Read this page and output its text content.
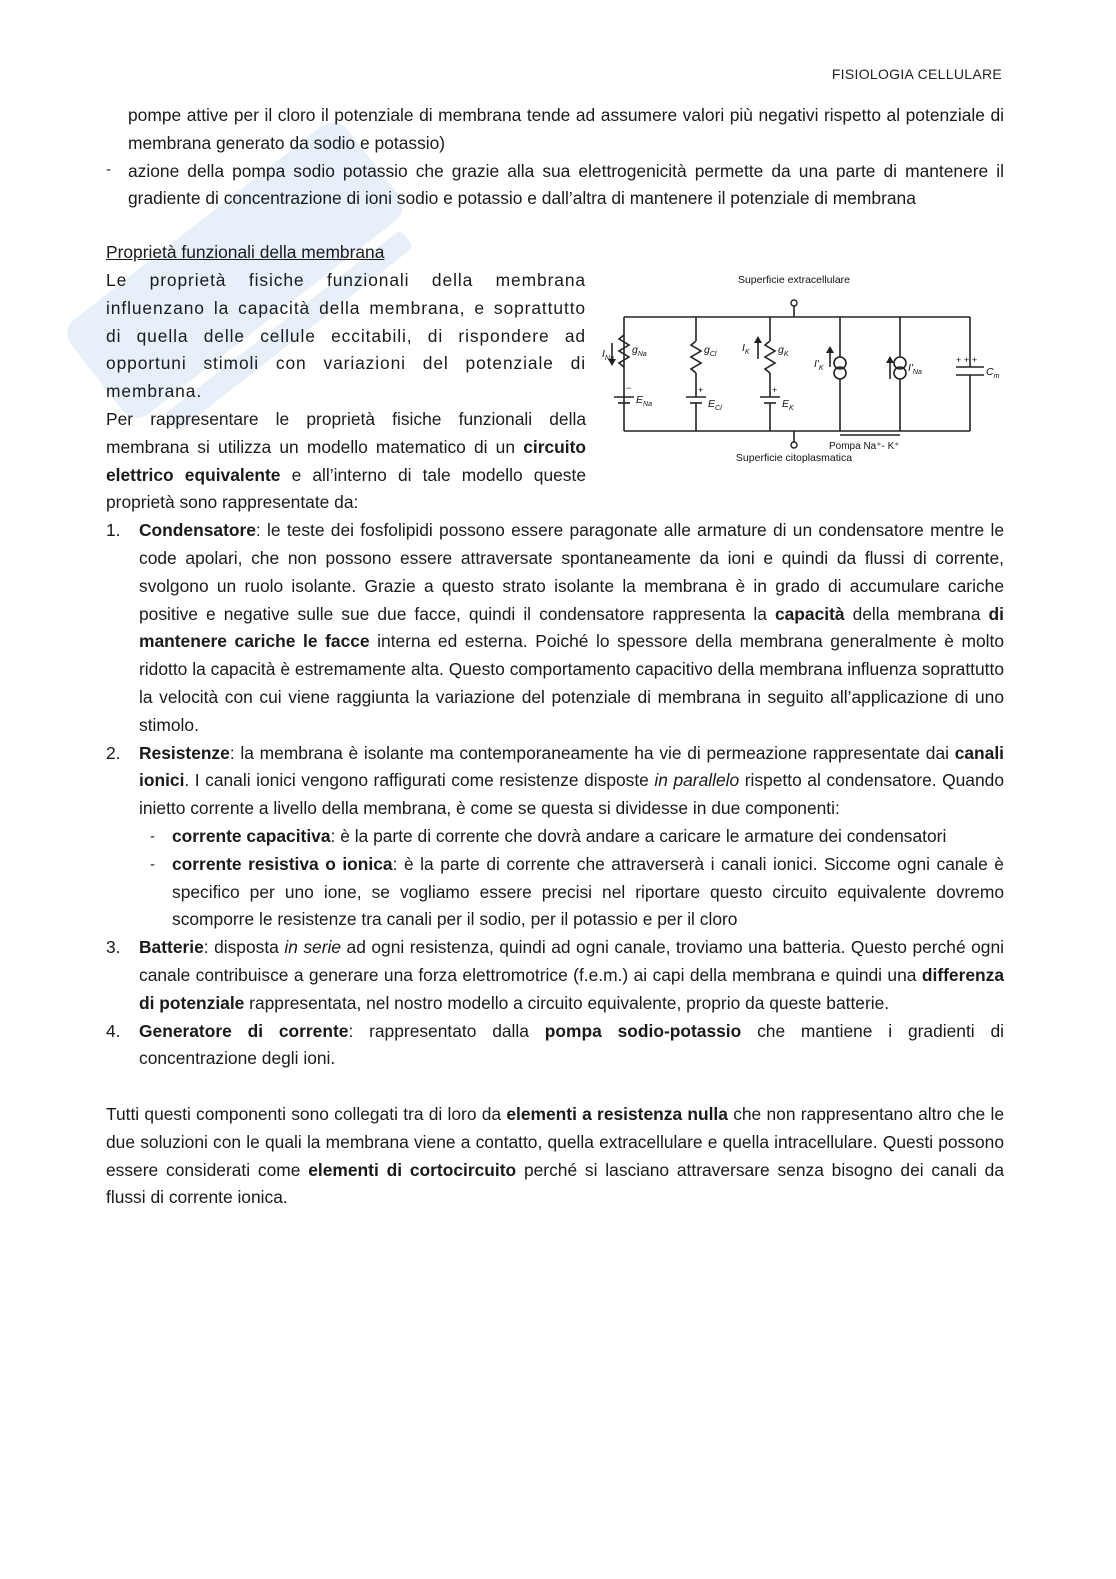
FISIOLOGIA CELLULARE

pompe attive per il cloro il potenziale di membrana tende ad assumere valori più negativi rispetto al potenziale di membrana generato da sodio e potassio)

- azione della pompa sodio potassio che grazie alla sua elettrogenicità permette da una parte di mantenere il gradiente di concentrazione di ioni sodio e potassio e dall’altra di mantenere il potenziale di membrana

Proprietà funzionali della membrana

Le proprietà fisiche funzionali della membrana influenzano la capacità della membrana, e soprattutto di quella delle cellule eccitabili, di rispondere ad opportuni stimoli con variazioni del potenziale di membrana.

Per rappresentare le proprietà fisiche funzionali della membrana si utilizza un modello matematico di un circuito elettrico equivalente e all’interno di tale modello queste proprietà sono rappresentate da:

Superficie extracellulare
Superficie citoplasmatica
Pompa Na⁺- K⁺
$I_{Na}$
$g_{Na}$
$E_{Na}$
$g_{Cl}$
$E_{Cl}$
$I_K$	$g_K$
$E_K$
$I'_K$	$I'_{Na}$	$C_m$
+ + +
−	+	+
1.	Condensatore: le teste dei fosfolipidi possono essere paragonate alle armature di un condensatore mentre le code apolari, che non possono essere attraversate spontaneamente da ioni e quindi da flussi di corrente, svolgono un ruolo isolante. Grazie a questo strato isolante la membrana è in grado di accumulare cariche positive e negative sulle sue due facce, quindi il condensatore rappresenta la capacità della membrana di mantenere cariche le facce interna ed esterna. Poiché lo spessore della membrana generalmente è molto ridotto la capacità è estremamente alta. Questo comportamento capacitivo della membrana influenza soprattutto la velocità con cui viene raggiunta la variazione del potenziale di membrana in seguito all’applicazione di uno stimolo.
2.	Resistenze: la membrana è isolante ma contemporaneamente ha vie di permeazione rappresentate dai canali ionici. I canali ionici vengono raffigurati come resistenze disposte in parallelo rispetto al condensatore. Quando inietto corrente a livello della membrana, è come se questa si dividesse in due componenti:
- corrente capacitiva: è la parte di corrente che dovrà andare a caricare le armature dei condensatori
- corrente resistiva o ionica: è la parte di corrente che attraverserà i canali ionici. Siccome ogni canale è specifico per uno ione, se vogliamo essere precisi nel riportare questo circuito equivalente dovremo scomporre le resistenze tra canali per il sodio, per il potassio e per il cloro
3.	Batterie: disposta in serie ad ogni resistenza, quindi ad ogni canale, troviamo una batteria. Questo perché ogni canale contribuisce a generare una forza elettromotrice (f.e.m.) ai capi della membrana e quindi una differenza di potenziale rappresentata, nel nostro modello a circuito equivalente, proprio da queste batterie.
4.	Generatore di corrente: rappresentato dalla pompa sodio-potassio che mantiene i gradienti di concentrazione degli ioni.

Tutti questi componenti sono collegati tra di loro da elementi a resistenza nulla che non rappresentano altro che le due soluzioni con le quali la membrana viene a contatto, quella extracellulare e quella intracellulare. Questi possono essere considerati come elementi di cortocircuito perché si lasciano attraversare senza bisogno dei canali da flussi di corrente ionica.
